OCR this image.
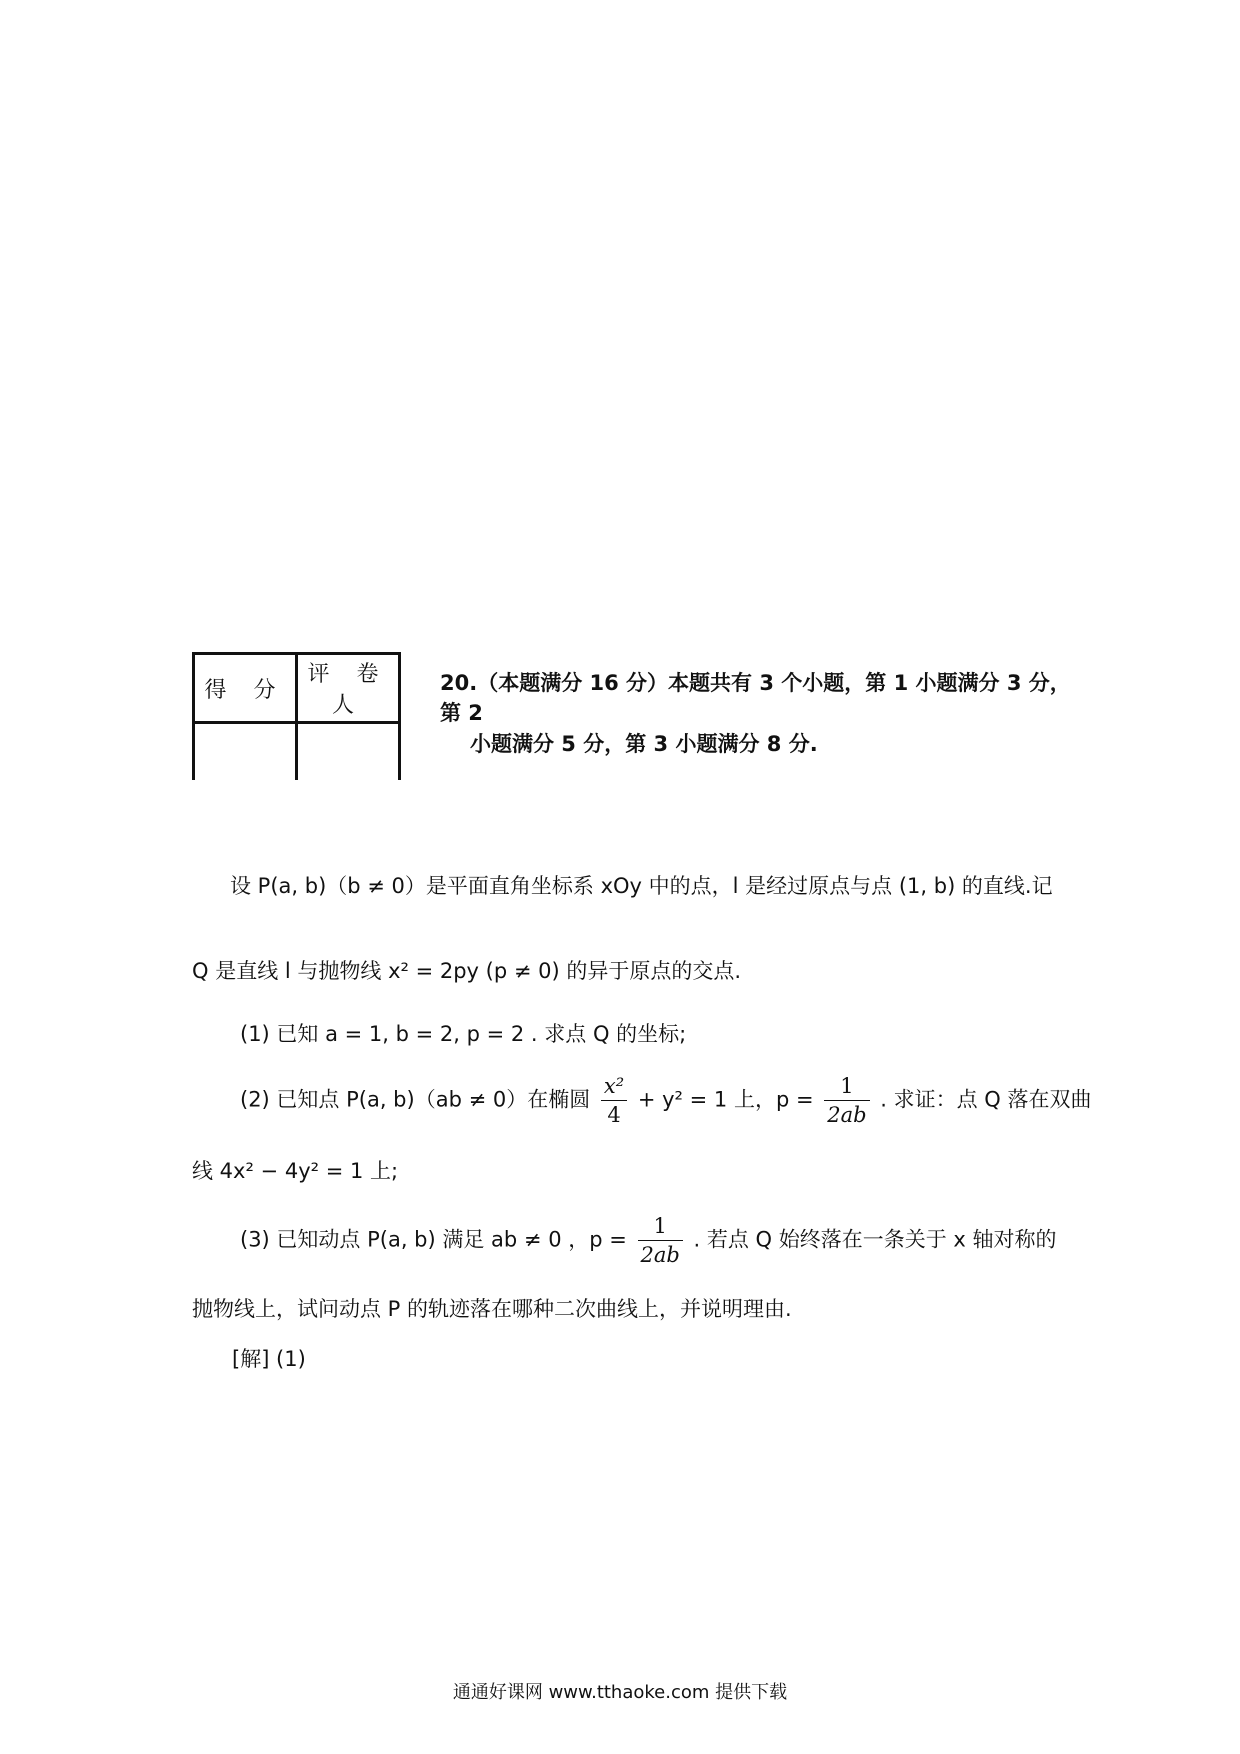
得 分	评 卷 人

20.（本题满分 16 分）本题共有 3 个小题，第 1 小题满分 3 分，
第 2
小题满分 5 分，第 3 小题满分 8 分.
设 P(a, b)（b ≠ 0）是平面直角坐标系 xOy 中的点，l 是经过原点与点 (1, b) 的直线.记
Q 是直线 l 与抛物线 x² = 2py (p ≠ 0) 的异于原点的交点.
(1) 已知 a = 1, b = 2, p = 2 . 求点 Q 的坐标;
(2) 已知点 P(a, b)（ab ≠ 0）在椭圆 $\frac{\text{x²}}{4} + y^2 = 1$ 上，$p = \frac{1}{2ab}$ . 求证：点 Q 落在双曲
线 4x² − 4y² = 1 上;
(3) 已知动点 P(a, b) 满足 ab ≠ 0 ，$p = \frac{1}{2ab}$ . 若点 Q 始终落在一条关于 x 轴对称的
抛物线上，试问动点 P 的轨迹落在哪种二次曲线上，并说明理由.
[解] (1)
通通好课网 www.tthaoke.com 提供下载
